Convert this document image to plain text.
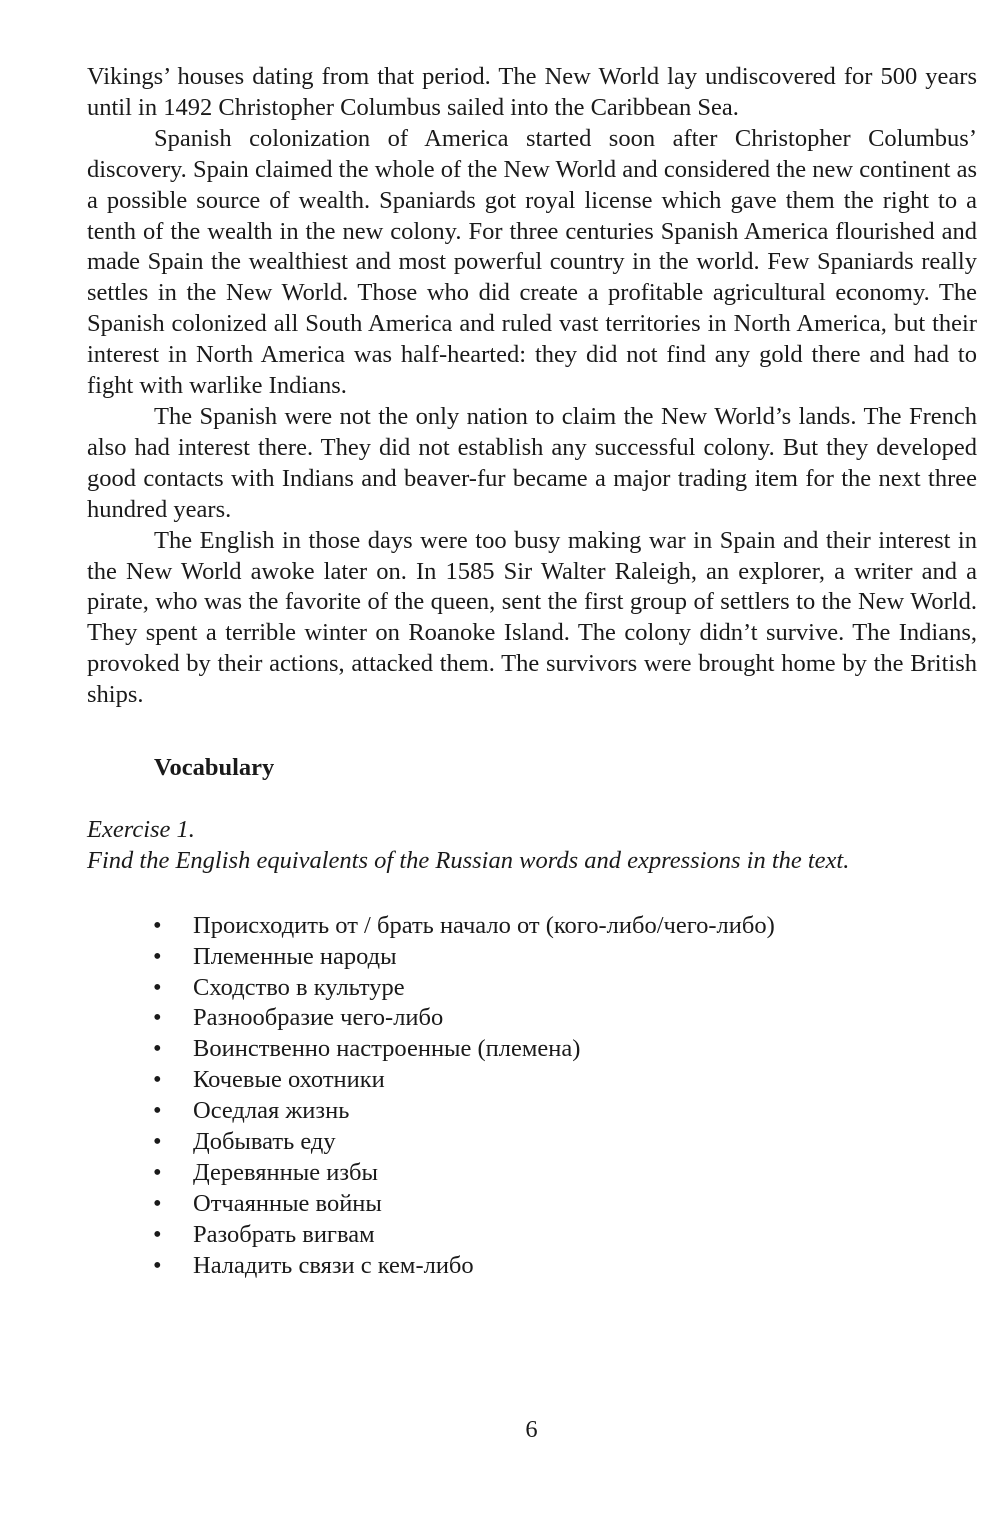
Vikings’ houses dating from that period. The New World lay undiscovered for 500 years until in 1492 Christopher Columbus sailed into the Caribbean Sea.

Spanish colonization of America started soon after Christopher Columbus’ discovery. Spain claimed the whole of the New World and considered the new continent as a possible source of wealth. Spaniards got royal license which gave them the right to a tenth of the wealth in the new colony. For three centuries Spanish America flourished and made Spain the wealthiest and most powerful country in the world. Few Spaniards really settles in the New World. Those who did create a profitable agricultural economy. The Spanish colonized all South America and ruled vast territories in North America, but their interest in North America was half-hearted: they did not find any gold there and had to fight with warlike Indians.

The Spanish were not the only nation to claim the New World’s lands. The French also had interest there. They did not establish any successful colony. But they developed good contacts with Indians and beaver-fur became a major trading item for the next three hundred years.

The English in those days were too busy making war in Spain and their interest in the New World awoke later on. In 1585 Sir Walter Raleigh, an explorer, a writer and a pirate, who was the favorite of the queen, sent the first group of settlers to the New World. They spent a terrible winter on Roanoke Island. The colony didn’t survive. The Indians, provoked by their actions, attacked them. The survivors were brought home by the British ships.

Vocabulary

Exercise 1.

Find the English equivalents of the Russian words and expressions in the text.

• Происходить от / брать начало от (кого-либо/чего-либо)
• Племенные народы
• Сходство в культуре
• Разнообразие чего-либо
• Воинственно настроенные (племена)
• Кочевые охотники
• Оседлая жизнь
• Добывать еду
• Деревянные избы
• Отчаянные войны
• Разобрать вигвам
• Наладить связи с кем-либо
6
